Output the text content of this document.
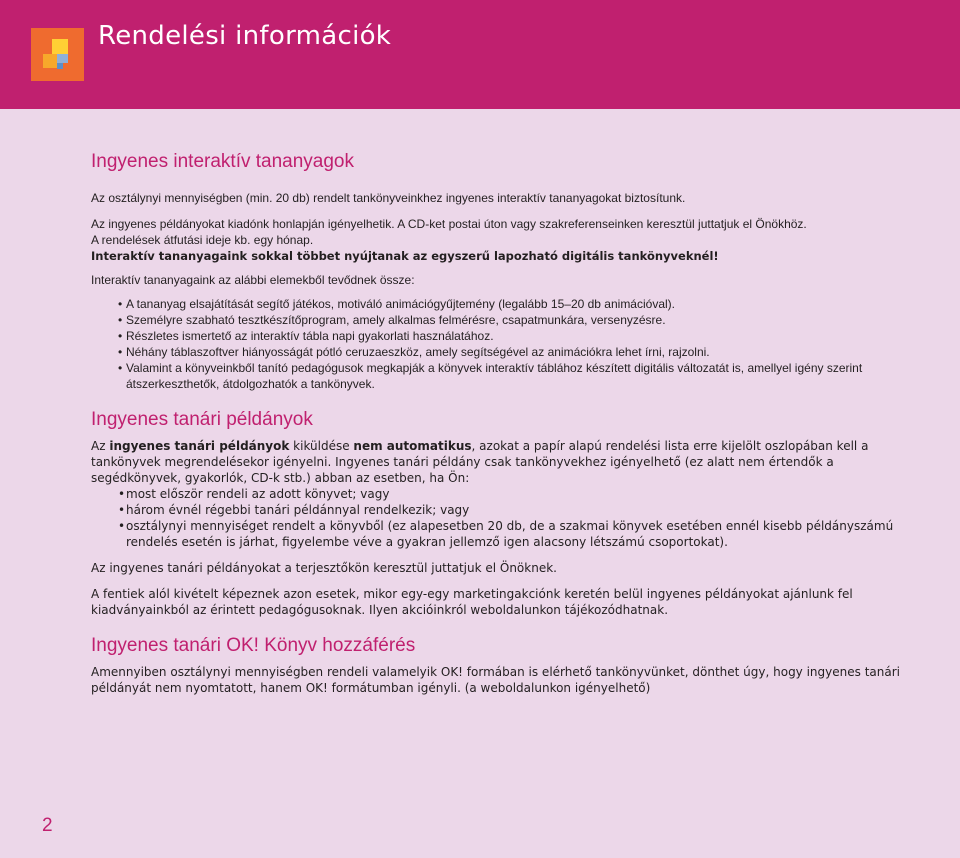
Rendelési információk
Ingyenes interaktív tananyagok

Az osztálynyi mennyiségben (min. 20 db) rendelt tankönyveinkhez ingyenes interaktív tananyagokat biztosítunk.

Az ingyenes példányokat kiadónk honlapján igényelhetik. A CD-ket postai úton vagy szakreferenseinken keresztül juttatjuk el Önökhöz.

A rendelések átfutási ideje kb. egy hónap.

Interaktív tananyagaink sokkal többet nyújtanak az egyszerű lapozható digitális tankönyveknél!

Interaktív tananyagaink az alábbi elemekből tevődnek össze:

• A tananyag elsajátítását segítő játékos, motiváló animációgyűjtemény (legalább 15–20 db animációval).
• Személyre szabható tesztkészítőprogram, amely alkalmas felmérésre, csapatmunkára, versenyzésre.
• Részletes ismertető az interaktív tábla napi gyakorlati használatához.
• Néhány táblaszoftver hiányosságát pótló ceruzaeszköz, amely segítségével az animációkra lehet írni, rajzolni.
• Valamint a könyveinkből tanító pedagógusok megkapják a könyvek interaktív táblához készített digitális változatát is, amellyel igény szerint átszerkeszthetők, átdolgozhatók a tankönyvek.
Ingyenes tanári példányok

Az ingyenes tanári példányok kiküldése nem automatikus, azokat a papír alapú rendelési lista erre kijelölt oszlopában kell a tankönyvek megrendelésekor igényelni. Ingyenes tanári példány csak tankönyvekhez igényelhető (ez alatt nem értendők a segédkönyvek, gyakorlók, CD-k stb.) abban az esetben, ha Ön:

• most először rendeli az adott könyvet; vagy
• három évnél régebbi tanári példánnyal rendelkezik; vagy
• osztálynyi mennyiséget rendelt a könyvből (ez alapesetben 20 db, de a szakmai könyvek esetében ennél kisebb példányszámú rendelés esetén is járhat, figyelembe véve a gyakran jellemző igen alacsony létszámú csoportokat).

Az ingyenes tanári példányokat a terjesztőkön keresztül juttatjuk el Önöknek.

A fentiek alól kivételt képeznek azon esetek, mikor egy-egy marketingakciónk keretén belül ingyenes példányokat ajánlunk fel kiadványainkból az érintett pedagógusoknak. Ilyen akcióinkról weboldalunkon tájékozódhatnak.

Ingyenes tanári OK! Könyv hozzáférés

Amennyiben osztálynyi mennyiségben rendeli valamelyik OK! formában is elérhető tankönyvünket, dönthet úgy, hogy ingyenes tanári példányát nem nyomtatott, hanem OK! formátumban igényli. (a weboldalunkon igényelhető)

2
